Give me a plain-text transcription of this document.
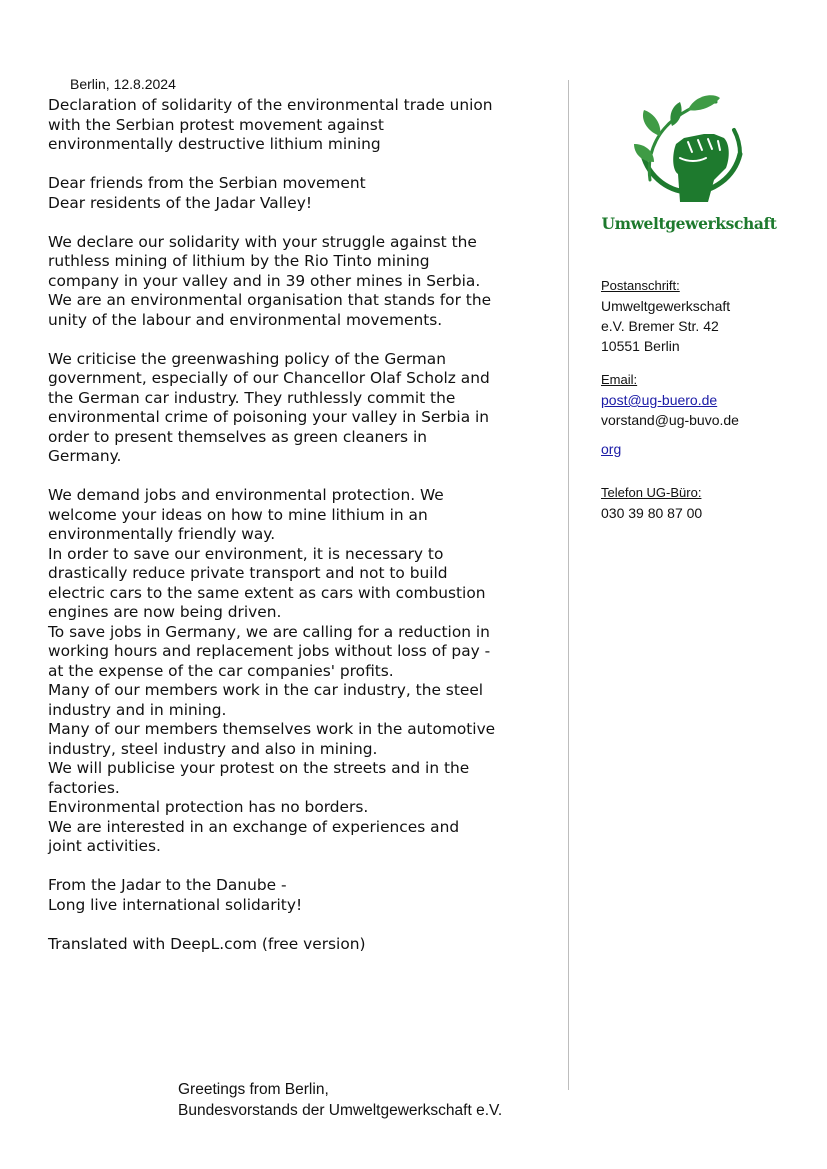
Berlin, 12.8.2024

Declaration of solidarity of the environmental trade union

with the Serbian protest movement against

environmentally destructive lithium mining

Dear friends from the Serbian movement

Dear residents of the Jadar Valley!

We declare our solidarity with your struggle against the

ruthless mining of lithium by the Rio Tinto mining

company in your valley and in 39 other mines in Serbia.

We are an environmental organisation that stands for the

unity of the labour and environmental movements.

We criticise the greenwashing policy of the German

government, especially of our Chancellor Olaf Scholz and

the German car industry. They ruthlessly commit the

environmental crime of poisoning your valley in Serbia in

order to present themselves as green cleaners in

Germany.

We demand jobs and environmental protection. We

welcome your ideas on how to mine lithium in an

environmentally friendly way.

In order to save our environment, it is necessary to

drastically reduce private transport and not to build

electric cars to the same extent as cars with combustion

engines are now being driven.

To save jobs in Germany, we are calling for a reduction in

working hours and replacement jobs without loss of pay -

at the expense of the car companies' profits.

Many of our members work in the car industry, the steel

industry and in mining.

Many of our members themselves work in the automotive

industry, steel industry and also in mining.

We will publicise your protest on the streets and in the

factories.

Environmental protection has no borders.

We are interested in an exchange of experiences and

joint activities.

From the Jadar to the Danube -

Long live international solidarity!

Translated with DeepL.com (free version)

Umweltgewerkschaft
Postanschrift:
Umweltgewerkschaft
e.V. Bremer Str. 42
10551 Berlin
Email:
post@ug-buero.de
vorstand@ug-buvo.de
org
Telefon UG-Büro:
030 39 80 87 00
Greetings from Berlin,
Bundesvorstands der Umweltgewerkschaft e.V.
